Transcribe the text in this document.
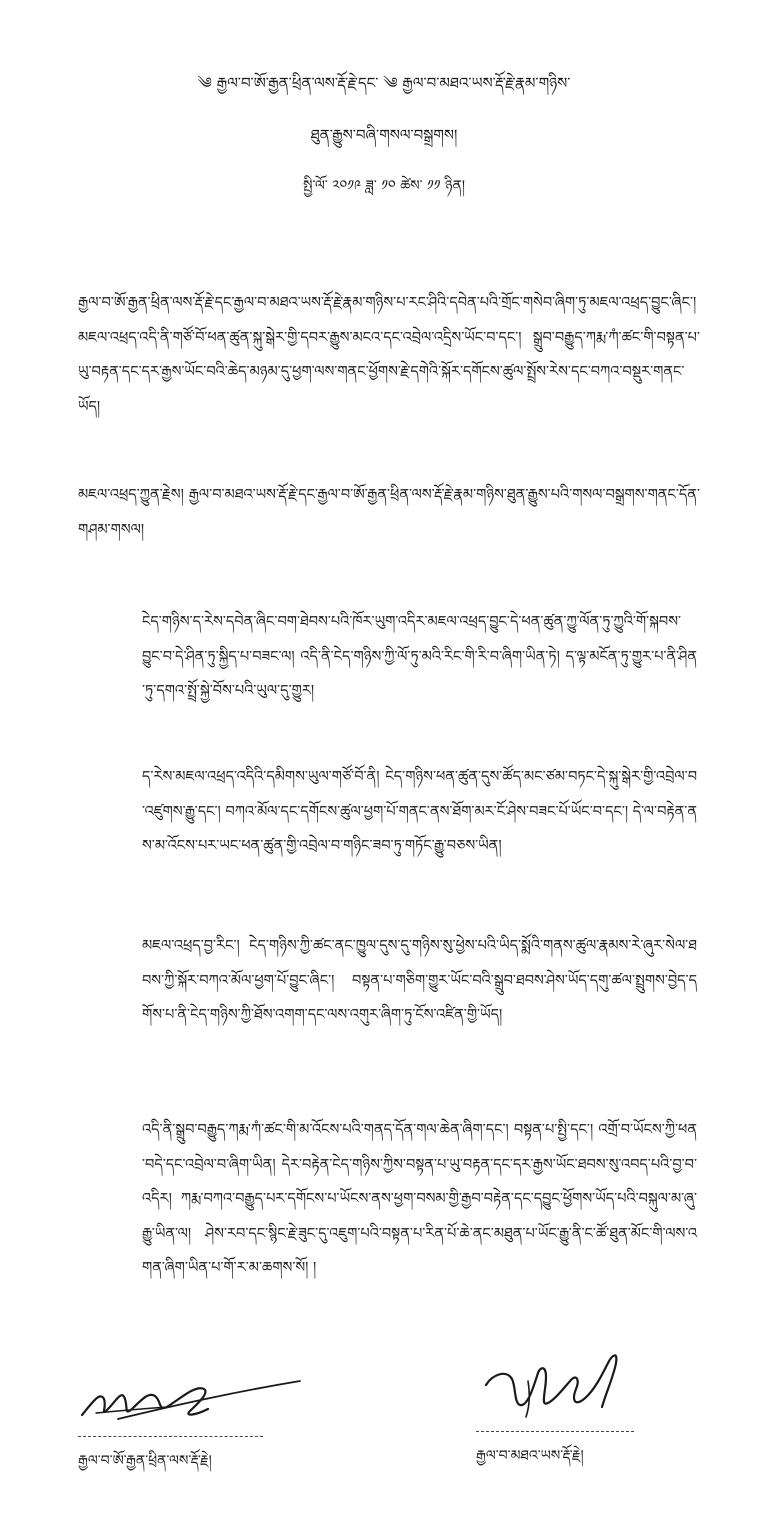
༄ རྒྱལ་བ་ཨོ་རྒྱན་ཕྲིན་ལས་རྡོ་རྗེ་དང་ ༄ རྒྱལ་བ་མཐའ་ཡས་རྡོ་རྗེ་རྣམ་གཉིས་
ཐུན་རྒྱུས་བཞི་གསལ་བསྒྲགས།
སྤྱི་ལོ་ ༢༠༡༩ ཟླ་ ༡༠ ཚེས་ ༡༡ ཉིན།

རྒྱལ་བ་ཨོ་རྒྱན་ཕྲིན་ལས་རྡོ་རྗེ་དང་རྒྱལ་བ་མཐའ་ཡས་རྡོ་རྗེ་རྣམ་གཉིས་པ་རང་ཤིའི་དབེན་པའི་གྲོང་གསེབ་ཞིག་ཏུ་མཇལ་འཕྲད་བྱུང་ཞིང་། མཇལ་འཕྲད་འདི་ནི་གཙོ་བོ་ཕན་ཚུན་སྐུ་སྒེར་གྱི་དབར་རྒྱུས་མངའ་དང་འབྲེལ་འདྲིས་ཡོང་བ་དང་། སྒྲུབ་བརྒྱུད་ཀརྨ་ཀཾ་ཚང་གི་བསྟན་པ་ཡུ་བརྟན་དང་དར་རྒྱས་ཡོང་བའི་ཆེད་མཉམ་དུ་ཕྱག་ལས་གནང་ཕྱོགས་རྗེ་དགེའི་སྐོར་དགོངས་ཚུལ་སྤྲོས་རེས་དང་བཀའ་བསྡུར་གནང་ཡོད།

མཇལ་འཕྲད་ཀྱུན་རྗེས། རྒྱལ་བ་མཐའ་ཡས་རྡོ་རྗེ་དང་རྒྱལ་བ་ཨོ་རྒྱན་ཕྲིན་ལས་རྡོ་རྗེ་རྣམ་གཉིས་ཐུན་རྒྱུས་པའི་གསལ་བསྒྲགས་གནང་དོན་གཤམ་གསལ།

ངེད་གཉིས་ད་རེས་དབེན་ཞིང་བག་ཐེབས་པའི་ཁོར་ཡུག་འདིར་མཇལ་འཕྲད་བྱུང་དེ་ཕན་ཚུན་ཀྱུ་ལོན་ཏུ་ཀྱུའི་གོ་སྐབས་བྱུང་བ་དེ་ཤིན་ཏུ་སྐྱིད་པ་བཟང་ལ། འདི་ནི་ངེད་གཉིས་ཀྱི་ལོ་ཏུ་མའི་རིང་གི་རི་བ་ཞིག་ཡིན་ཏེ། ད་ལྟ་མངོན་ཏུ་གྱུར་པ་ནི་ཤིན་ཏུ་དགའ་སྤྲོ་སྐྱེ་བོས་པའི་ཡུལ་དུ་གྱུར།

ད་རེས་མཇལ་འཕྲད་འདིའི་དམིགས་ཡུལ་གཙོ་བོ་ནི། ངེད་གཉིས་ཕན་ཚུན་དུས་ཚོད་མང་ཙམ་བཏང་དེ་སྐུ་སྒེར་གྱི་འབྲེལ་བ་འཛུགས་རྒྱུ་དང་། བཀའ་མོལ་དང་དགོངས་ཚུལ་ཕྱག་པོ་གནང་ནས་ཐོག་མར་ངོ་ཤེས་བཟང་པོ་ཡོང་བ་དང་། དེ་ལ་བརྟེན་ནས་མ་འོངས་པར་ཡང་ཕན་ཚུན་གྱི་འབྲེལ་བ་གཉིང་ཟབ་ཏུ་གཏོང་རྒྱུ་བཅས་ཡིན།

མཇལ་འཕྲད་བྱ་རིང་། ངེད་གཉིས་ཀྱི་ཚང་ནང་ཁྱུལ་དུས་དུ་གཉིས་སུ་ཕྱེས་པའི་ཡིད་སྨོའི་གནས་ཚུལ་རྣམས་རེ་ཞུར་སེལ་ཐབས་ཀྱི་སྐོར་བཀའ་མོལ་ཕྱག་པོ་བྱུང་ཞིང་། བསྟན་པ་གཅིག་གྱུར་ཡོང་བའི་སྒྲུབ་ཐབས་ཤེས་ཡོད་དགུ་ཚལ་སྤྲུགས་བྱེད་དགོས་པ་ནི་ངེད་གཉིས་ཀྱི་ཐོས་འགག་དང་ལས་འགུར་ཞིག་ཏུ་ངོས་འཛིན་གྱི་ཡོད།

འདི་ནི་སྒྲུབ་བརྒྱུད་ཀརྨ་ཀཾ་ཚང་གི་མ་འོངས་པའི་གནད་དོན་གལ་ཆེན་ཞིག་དང་། བསྟན་པ་སྤྱི་དང་། འགྲོ་བ་ཡོངས་ཀྱི་ཕན་བདེ་དང་འབྲེལ་བ་ཞིག་ཡིན། དེར་བརྟེན་ངེད་གཉིས་ཀྱིས་བསྟན་པ་ཡུ་བརྟན་དང་དར་རྒྱས་ཡོང་ཐབས་སུ་འབད་པའི་བྱ་བ་འདིར། ཀརྨ་བཀའ་བརྒྱུད་པར་དགོངས་པ་ཡོངས་ནས་ཕྱག་བསམ་གྱི་རྒྱབ་བརྟེན་དང་དབྱུང་ཕྱོགས་ཡོད་པའི་བསྐུལ་མ་ཞུ་རྒྱུ་ཡིན་ལ། ཤེས་རབ་དང་སྙིང་རྗེ་ཟུང་དུ་འཇུག་པའི་བསྟན་པ་རིན་པོ་ཆེ་ནང་མཐུན་པ་ཡོང་རྒྱུ་ནི་ང་ཚོ་ཐུན་མོང་གི་ལས་འགན་ཞིག་ཡིན་པ་གོ་ར་མ་ཆགས་སོ། །

རྒྱལ་བ་ཨོ་རྒྱན་ཕྲིན་ལས་རྡོ་རྗེ།	རྒྱལ་བ་མཐའ་ཡས་རྡོ་རྗེ།
